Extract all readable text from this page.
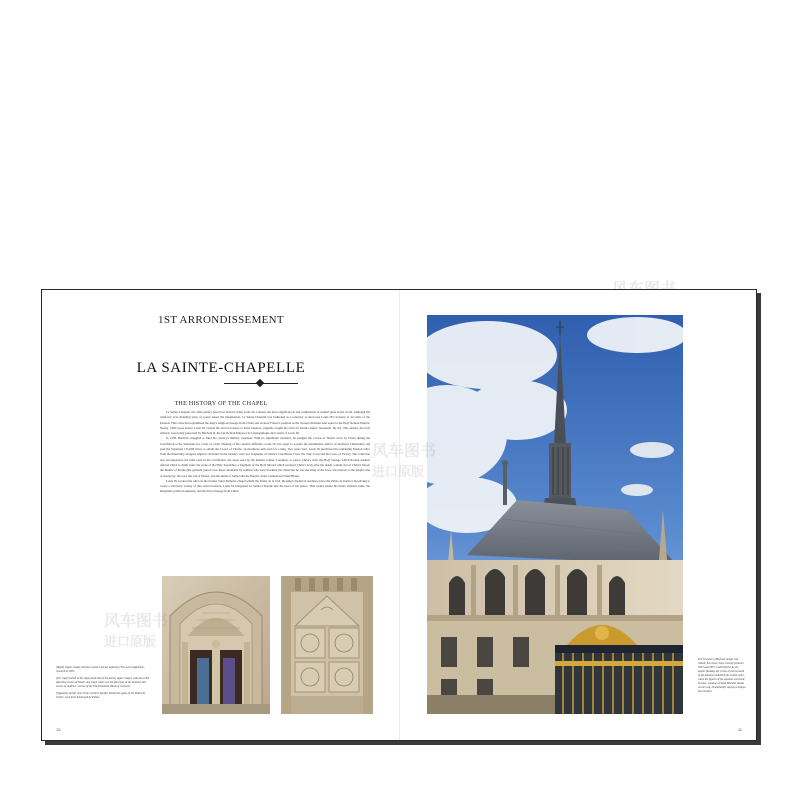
1ST ARRONDISSEMENT
LA SAINTE-CHAPELLE
THE HISTORY OF THE CHAPEL

La Sainte-Chapelle, the 13th-century jewel box built by King Louis IX, features the most significant in situ compilation of stained glass in the world. Although the windows' ever-changing array of colour seizes the imagination, La Sainte-Chapelle was fashioned as a reliquary to showcase Louis IX's treasury of 22 relics of the Passion. This collection legitimised the king's religious lineage from Christ and secured France's position as the chosen Christian land equal to the Holy Roman Empire. Nearly 1,000 years before Louis IX carried the sacred treasure to Paris barefoot, pilgrims sought the relics in fourth-century Jerusalem. By the 13th century, the holy artifacts were being preserved by Baldwin II, the last Roman Emperor in Constantinople and cousin of Louis IX.

In 1238, Baldwin struggled to fund his country's military expenses. With no significant treasures, he pledged the Crown of Thorns worn by Christ during the Crucifixion to the Venetians for a line of credit. Hearing of his cousin's difficulty, Louis IX was eager to acquire the penultimate artifact of medieval Christianity and paid the Venetians 135,000 livres to obtain the Crown of Thorns, an enormous sum even for a king. Two years later, Louis IX purchased the remaining Passion relics from the financially strapped emperor. Included in the treasury were two fragments of Christ's Crucifixion Cross: the True Cross and the Cross of Victory. The collection also encompassed: the nails used in the Crucifixion, the spear used by the Roman soldier, Longinus, to pierce Christ's side; the Holy Sponge which Roman soldiers offered Christ to drink from; the stone of the Holy Sepulchre; a fragment of the Holy Shroud which wrapped Christ's body after his death; a small vial of Christ's blood; the Mantle of Purple (the garment placed over Jesus' shoulders by soldiers who were mocking his claim that he was the King of the Jews, also known as the purple robe of mockery); the reed, the rod of Moses; and the skulls of Saint John the Baptist, Saint Clement and Saint Blaise.

Louis IX secured the relics in the modest Saint-Nicholas chapel within the Palais de la Cité, the king's medieval residence (now the Palais de Justice). Resolving to create a sanctuary worthy of this sacred treasure, Louis IX integrated La Sainte-Chapelle into the heart of his palace. This would ensure his future dynastic fame, the kingdom's political authority, and his direct lineage from Christ.

[Right] Upper chapel entrance western portal, depicting 'The Last Judgement', restored in 1855.

[Far right] Detail of the right-hand side of the portal, upper chapel, with bas-relief depicting scenes of Noah's Ark (top), where are the fish (and, at the bottom) and scenes of 'Andrew', scenes of the Old Testament (Book of Genesis).

[Opposite] Aerial view of the northern facade, behind the gates of the Palais de Justice, seen from boulevard du Palais.

10
The 33-metre (108-foot) steeple was rebuilt, five times, most recently between 1853 and 1855. Called flèche de vis, angels flanking the crown of thorns mark of the Passion embellish the Gothic spire, while the figures of the apostles surround its base. A statue of Saint Michael stands on the roof, triumphantly slaying a dragon (not visible).
11
风车图书
进口原版
风车图书
进口原版
